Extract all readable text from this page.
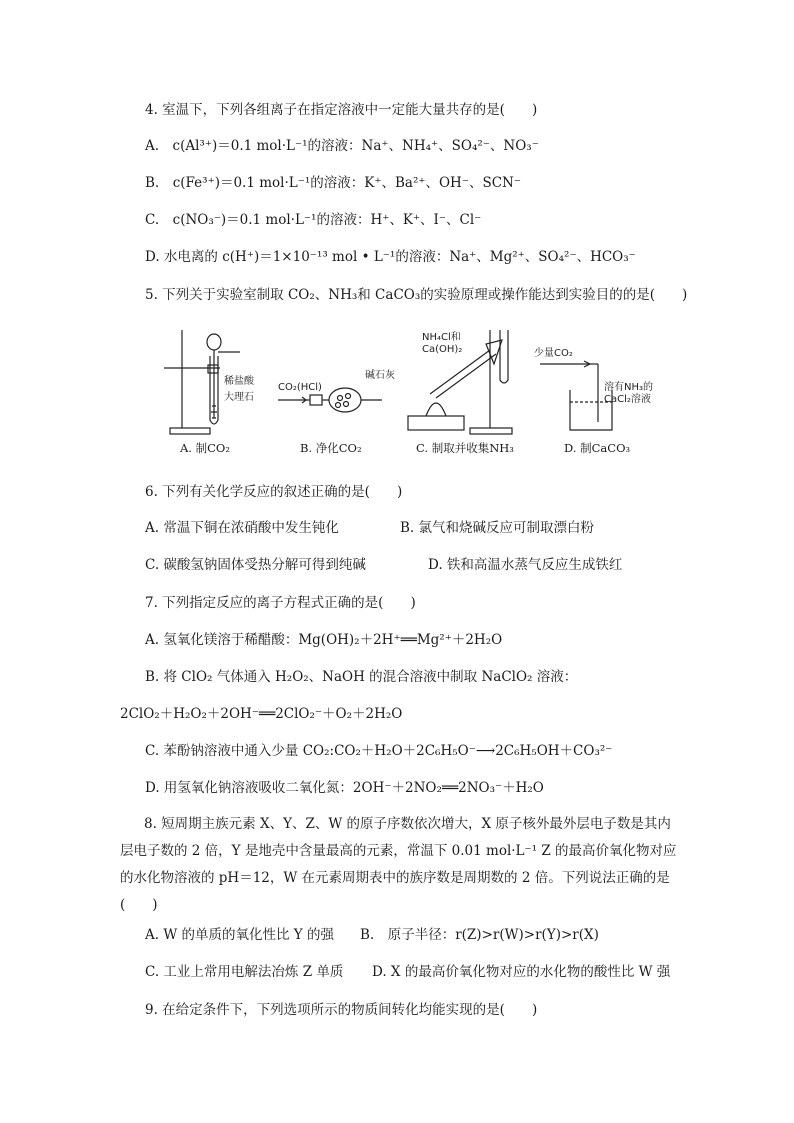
4. 室温下，下列各组离子在指定溶液中一定能大量共存的是(　　)
A.　c(Al³⁺)＝0.1 mol·L⁻¹的溶液：Na⁺、NH₄⁺、SO₄²⁻、NO₃⁻
B.　c(Fe³⁺)＝0.1 mol·L⁻¹的溶液：K⁺、Ba²⁺、OH⁻、SCN⁻
C.　c(NO₃⁻)＝0.1 mol·L⁻¹的溶液：H⁺、K⁺、I⁻、Cl⁻
D. 水电离的 c(H⁺)＝1×10⁻¹³ mol • L⁻¹的溶液：Na⁺、Mg²⁺、SO₄²⁻、HCO₃⁻
5. 下列关于实验室制取 CO₂、NH₃和 CaCO₃的实验原理或操作能达到实验目的的是(　　)
稀盐酸
大理石
CO₂(HCl)
碱石灰
NH₄Cl和
Ca(OH)₂	少量CO₂
溶有NH₃的
CaCl₂溶液
A. 制CO₂	B. 净化CO₂	C. 制取并收集NH₃	D. 制CaCO₃
6. 下列有关化学反应的叙述正确的是(　　)
A. 常温下铜在浓硝酸中发生钝化	B. 氯气和烧碱反应可制取漂白粉
C. 碳酸氢钠固体受热分解可得到纯碱	D. 铁和高温水蒸气反应生成铁红
7. 下列指定反应的离子方程式正确的是(　　)
A. 氢氧化镁溶于稀醋酸：Mg(OH)₂＋2H⁺══Mg²⁺＋2H₂O
B. 将 ClO₂ 气体通入 H₂O₂、NaOH 的混合溶液中制取 NaClO₂ 溶液：
2ClO₂＋H₂O₂＋2OH⁻══2ClO₂⁻＋O₂＋2H₂O
C. 苯酚钠溶液中通入少量 CO₂:CO₂＋H₂O＋2C₆H₅O⁻⟶2C₆H₅OH＋CO₃²⁻
D. 用氢氧化钠溶液吸收二氧化氮：2OH⁻＋2NO₂══2NO₃⁻＋H₂O
8. 短周期主族元素 X、Y、Z、W 的原子序数依次增大，X 原子核外最外层电子数是其内层电子数的 2 倍，Y 是地壳中含量最高的元素，常温下 0.01 mol·L⁻¹ Z 的最高价氧化物对应的水化物溶液的 pH＝12，W 在元素周期表中的族序数是周期数的 2 倍。下列说法正确的是(　　)
A. W 的单质的氧化性比 Y 的强 B.　原子半径：r(Z)>r(W)>r(Y)>r(X)
C. 工业上常用电解法冶炼 Z 单质 D. X 的最高价氧化物对应的水化物的酸性比 W 强
9. 在给定条件下，下列选项所示的物质间转化均能实现的是(　　)
